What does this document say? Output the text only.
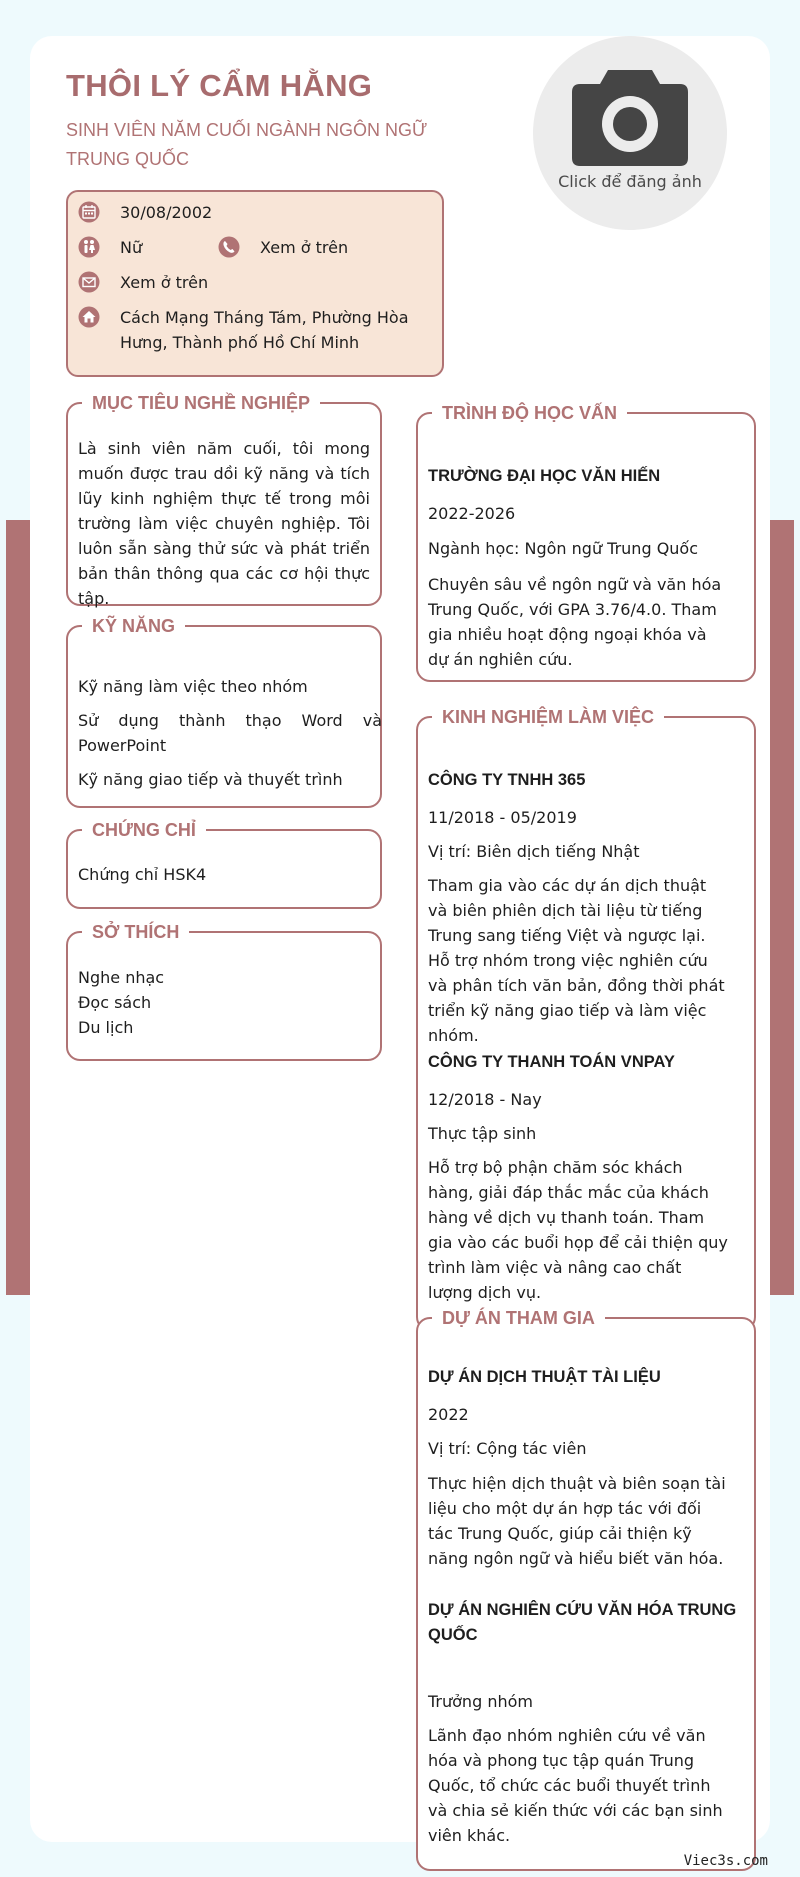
THÔI LÝ CẨM HẰNG
SINH VIÊN NĂM CUỐI NGÀNH NGÔN NGỮ TRUNG QUỐC
Click để đăng ảnh
30/08/2002
Nữ	Xem ở trên
Xem ở trên
Cách Mạng Tháng Tám, Phường Hòa Hưng, Thành phố Hồ Chí Minh
MỤC TIÊU NGHỀ NGHIỆP
Là sinh viên năm cuối, tôi mong muốn được trau dồi kỹ năng và tích lũy kinh nghiệm thực tế trong môi trường làm việc chuyên nghiệp. Tôi luôn sẵn sàng thử sức và phát triển bản thân thông qua các cơ hội thực tập.
KỸ NĂNG
Kỹ năng làm việc theo nhóm
Sử dụng thành thạo Word và PowerPoint
Kỹ năng giao tiếp và thuyết trình
CHỨNG CHỈ
Chứng chỉ HSK4
SỞ THÍCH
Nghe nhạc
Đọc sách
Du lịch
TRÌNH ĐỘ HỌC VẤN
TRƯỜNG ĐẠI HỌC VĂN HIẾN
2022-2026
Ngành học: Ngôn ngữ Trung Quốc
Chuyên sâu về ngôn ngữ và văn hóa Trung Quốc, với GPA 3.76/4.0. Tham gia nhiều hoạt động ngoại khóa và dự án nghiên cứu.
KINH NGHIỆM LÀM VIỆC
CÔNG TY TNHH 365
11/2018 - 05/2019
Vị trí: Biên dịch tiếng Nhật
Tham gia vào các dự án dịch thuật và biên phiên dịch tài liệu từ tiếng Trung sang tiếng Việt và ngược lại. Hỗ trợ nhóm trong việc nghiên cứu và phân tích văn bản, đồng thời phát triển kỹ năng giao tiếp và làm việc nhóm.
CÔNG TY THANH TOÁN VNPAY
12/2018 - Nay
Thực tập sinh
Hỗ trợ bộ phận chăm sóc khách hàng, giải đáp thắc mắc của khách hàng về dịch vụ thanh toán. Tham gia vào các buổi họp để cải thiện quy trình làm việc và nâng cao chất lượng dịch vụ.
DỰ ÁN THAM GIA
DỰ ÁN DỊCH THUẬT TÀI LIỆU
2022
Vị trí: Cộng tác viên
Thực hiện dịch thuật và biên soạn tài liệu cho một dự án hợp tác với đối tác Trung Quốc, giúp cải thiện kỹ năng ngôn ngữ và hiểu biết văn hóa.
DỰ ÁN NGHIÊN CỨU VĂN HÓA TRUNG QUỐC
Trưởng nhóm
Lãnh đạo nhóm nghiên cứu về văn hóa và phong tục tập quán Trung Quốc, tổ chức các buổi thuyết trình và chia sẻ kiến thức với các bạn sinh viên khác.
Viec3s.com
